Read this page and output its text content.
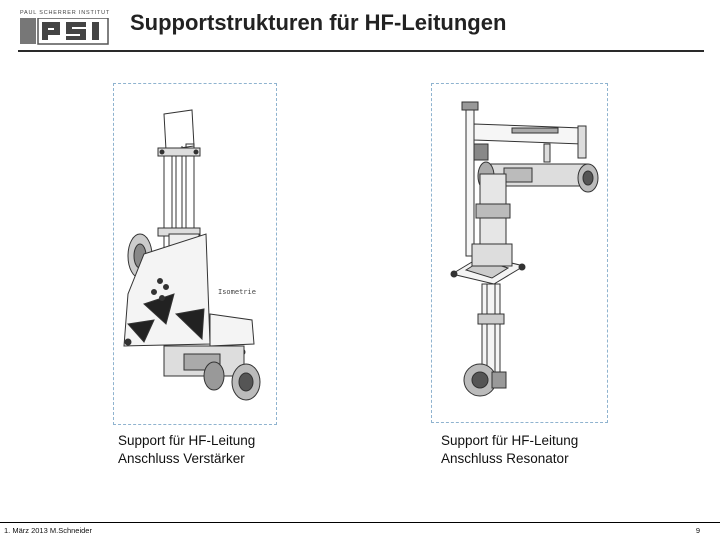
PAUL SCHERRER INSTITUT Supportstrukturen für HF-Leitungen
Isometrie
Support für HF-Leitung
Anschluss Verstärker
Support für HF-Leitung
Anschluss Resonator
1. März 2013 M.Schneider	9
